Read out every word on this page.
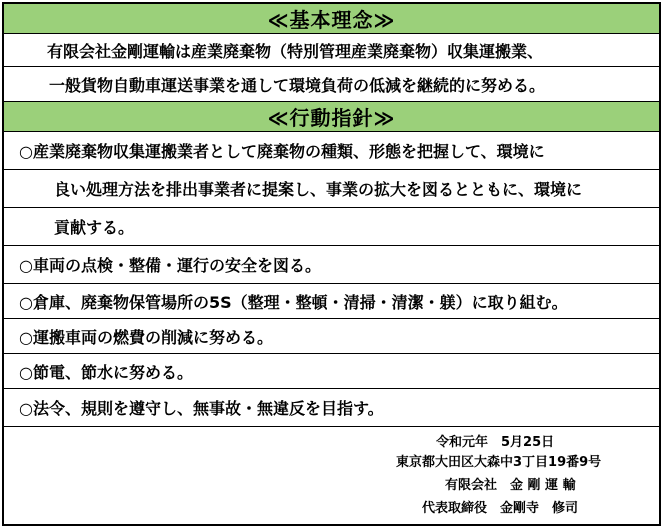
≪基本理念≫
有限会社金剛運輸は産業廃棄物（特別管理産業廃棄物）収集運搬業、
一般貨物自動車運送事業を通して環境負荷の低減を継続的に努める。
≪行動指針≫
○産業廃棄物収集運搬業者として廃棄物の種類、形態を把握して、環境に
良い処理方法を排出事業者に提案し、事業の拡大を図るとともに、環境に
貢献する。
○車両の点検・整備・運行の安全を図る。
○倉庫、廃棄物保管場所の5S（整理・整頓・清掃・清潔・躾）に取り組む。
○運搬車両の燃費の削減に努める。
○節電、節水に努める。
○法令、規則を遵守し、無事故・無違反を目指す。
令和元年　5月25日
東京都大田区大森中3丁目19番9号
有限会社　金 剛 運 輸
代表取締役　金剛寺　修司
